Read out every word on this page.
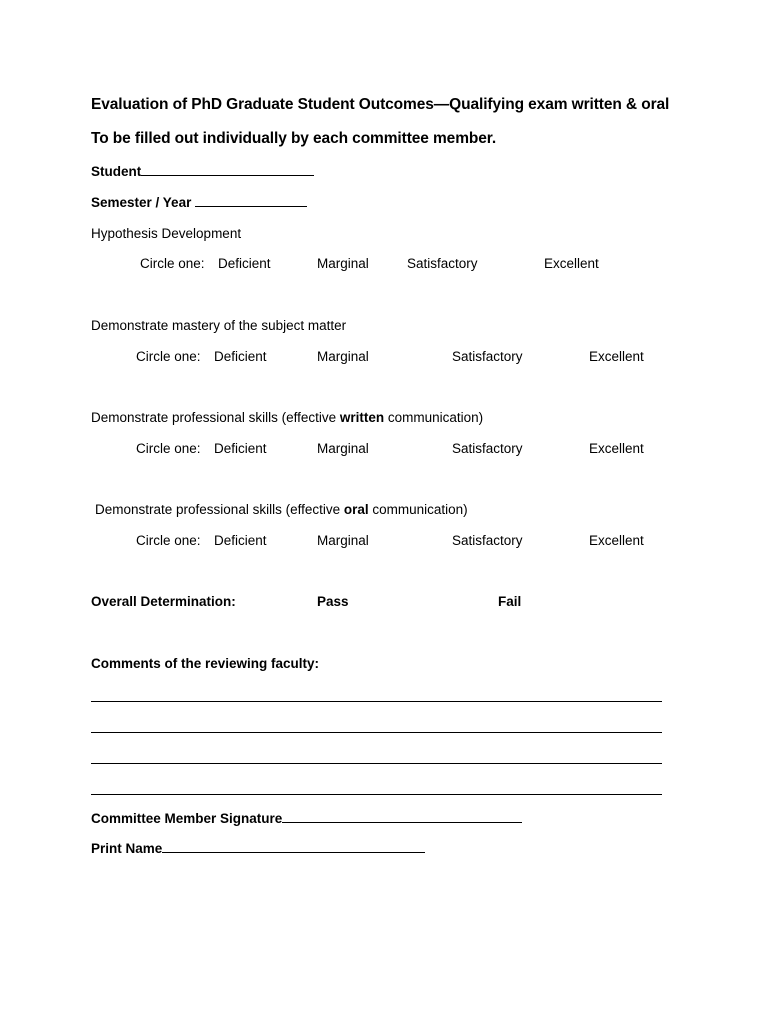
Evaluation of PhD Graduate Student Outcomes—Qualifying exam written & oral
To be filled out individually by each committee member.
Student
Semester / Year
Hypothesis Development
Circle one: Deficient	Marginal	Satisfactory	Excellent
Demonstrate mastery of the subject matter
Circle one: Deficient	Marginal	Satisfactory	Excellent
Demonstrate professional skills (effective written communication)
Circle one: Deficient	Marginal	Satisfactory	Excellent
Demonstrate professional skills (effective oral communication)
Circle one: Deficient	Marginal	Satisfactory	Excellent
Overall Determination:	Pass	Fail
Comments of the reviewing faculty:
Committee Member Signature
Print Name
